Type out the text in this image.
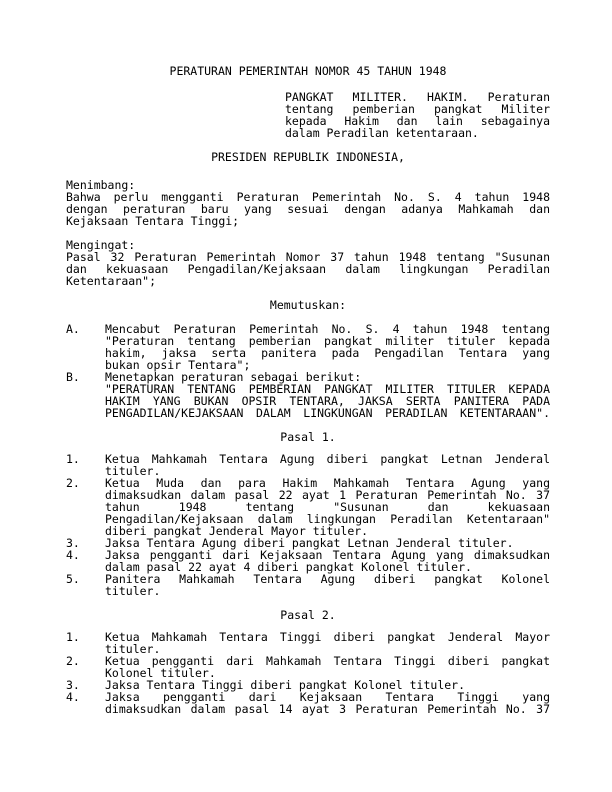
PERATURAN PEMERINTAH NOMOR 45 TAHUN 1948
PANGKAT MILITER. HAKIM. Peraturan
tentang pemberian pangkat Militer
kepada Hakim dan lain sebagainya
dalam Peradilan ketentaraan.
PRESIDEN REPUBLIK INDONESIA,
Menimbang:
Bahwa perlu mengganti Peraturan Pemerintah No. S. 4 tahun 1948
dengan peraturan baru yang sesuai dengan adanya Mahkamah dan
Kejaksaan Tentara Tinggi;
Mengingat:
Pasal 32 Peraturan Pemerintah Nomor 37 tahun 1948 tentang "Susunan
dan kekuasaan Pengadilan/Kejaksaan dalam lingkungan Peradilan
Ketentaraan";
Memutuskan:
A.	Mencabut Peraturan Pemerintah No. S. 4 tahun 1948 tentang
"Peraturan tentang pemberian pangkat militer tituler kepada
hakim, jaksa serta panitera pada Pengadilan Tentara yang
bukan opsir Tentara";
B.	Menetapkan peraturan sebagai berikut:
"PERATURAN TENTANG PEMBERIAN PANGKAT MILITER TITULER KEPADA
HAKIM YANG BUKAN OPSIR TENTARA, JAKSA SERTA PANITERA PADA
PENGADILAN/KEJAKSAAN DALAM LINGKUNGAN PERADILAN KETENTARAAN".
Pasal 1.
1.	Ketua Mahkamah Tentara Agung diberi pangkat Letnan Jenderal
tituler.
2.	Ketua Muda dan para Hakim Mahkamah Tentara Agung yang
dimaksudkan dalam pasal 22 ayat 1 Peraturan Pemerintah No. 37
tahun 1948 tentang "Susunan dan kekuasaan
Pengadilan/Kejaksaan dalam lingkungan Peradilan Ketentaraan"
diberi pangkat Jenderal Mayor tituler.
3.	Jaksa Tentara Agung diberi pangkat Letnan Jenderal tituler.
4.	Jaksa pengganti dari Kejaksaan Tentara Agung yang dimaksudkan
dalam pasal 22 ayat 4 diberi pangkat Kolonel tituler.
5.	Panitera Mahkamah Tentara Agung diberi pangkat Kolonel
tituler.
Pasal 2.
1.	Ketua Mahkamah Tentara Tinggi diberi pangkat Jenderal Mayor
tituler.
2.	Ketua pengganti dari Mahkamah Tentara Tinggi diberi pangkat
Kolonel tituler.
3.	Jaksa Tentara Tinggi diberi pangkat Kolonel tituler.
4.	Jaksa pengganti dari Kejaksaan Tentara Tinggi yang
dimaksudkan dalam pasal 14 ayat 3 Peraturan Pemerintah No. 37
